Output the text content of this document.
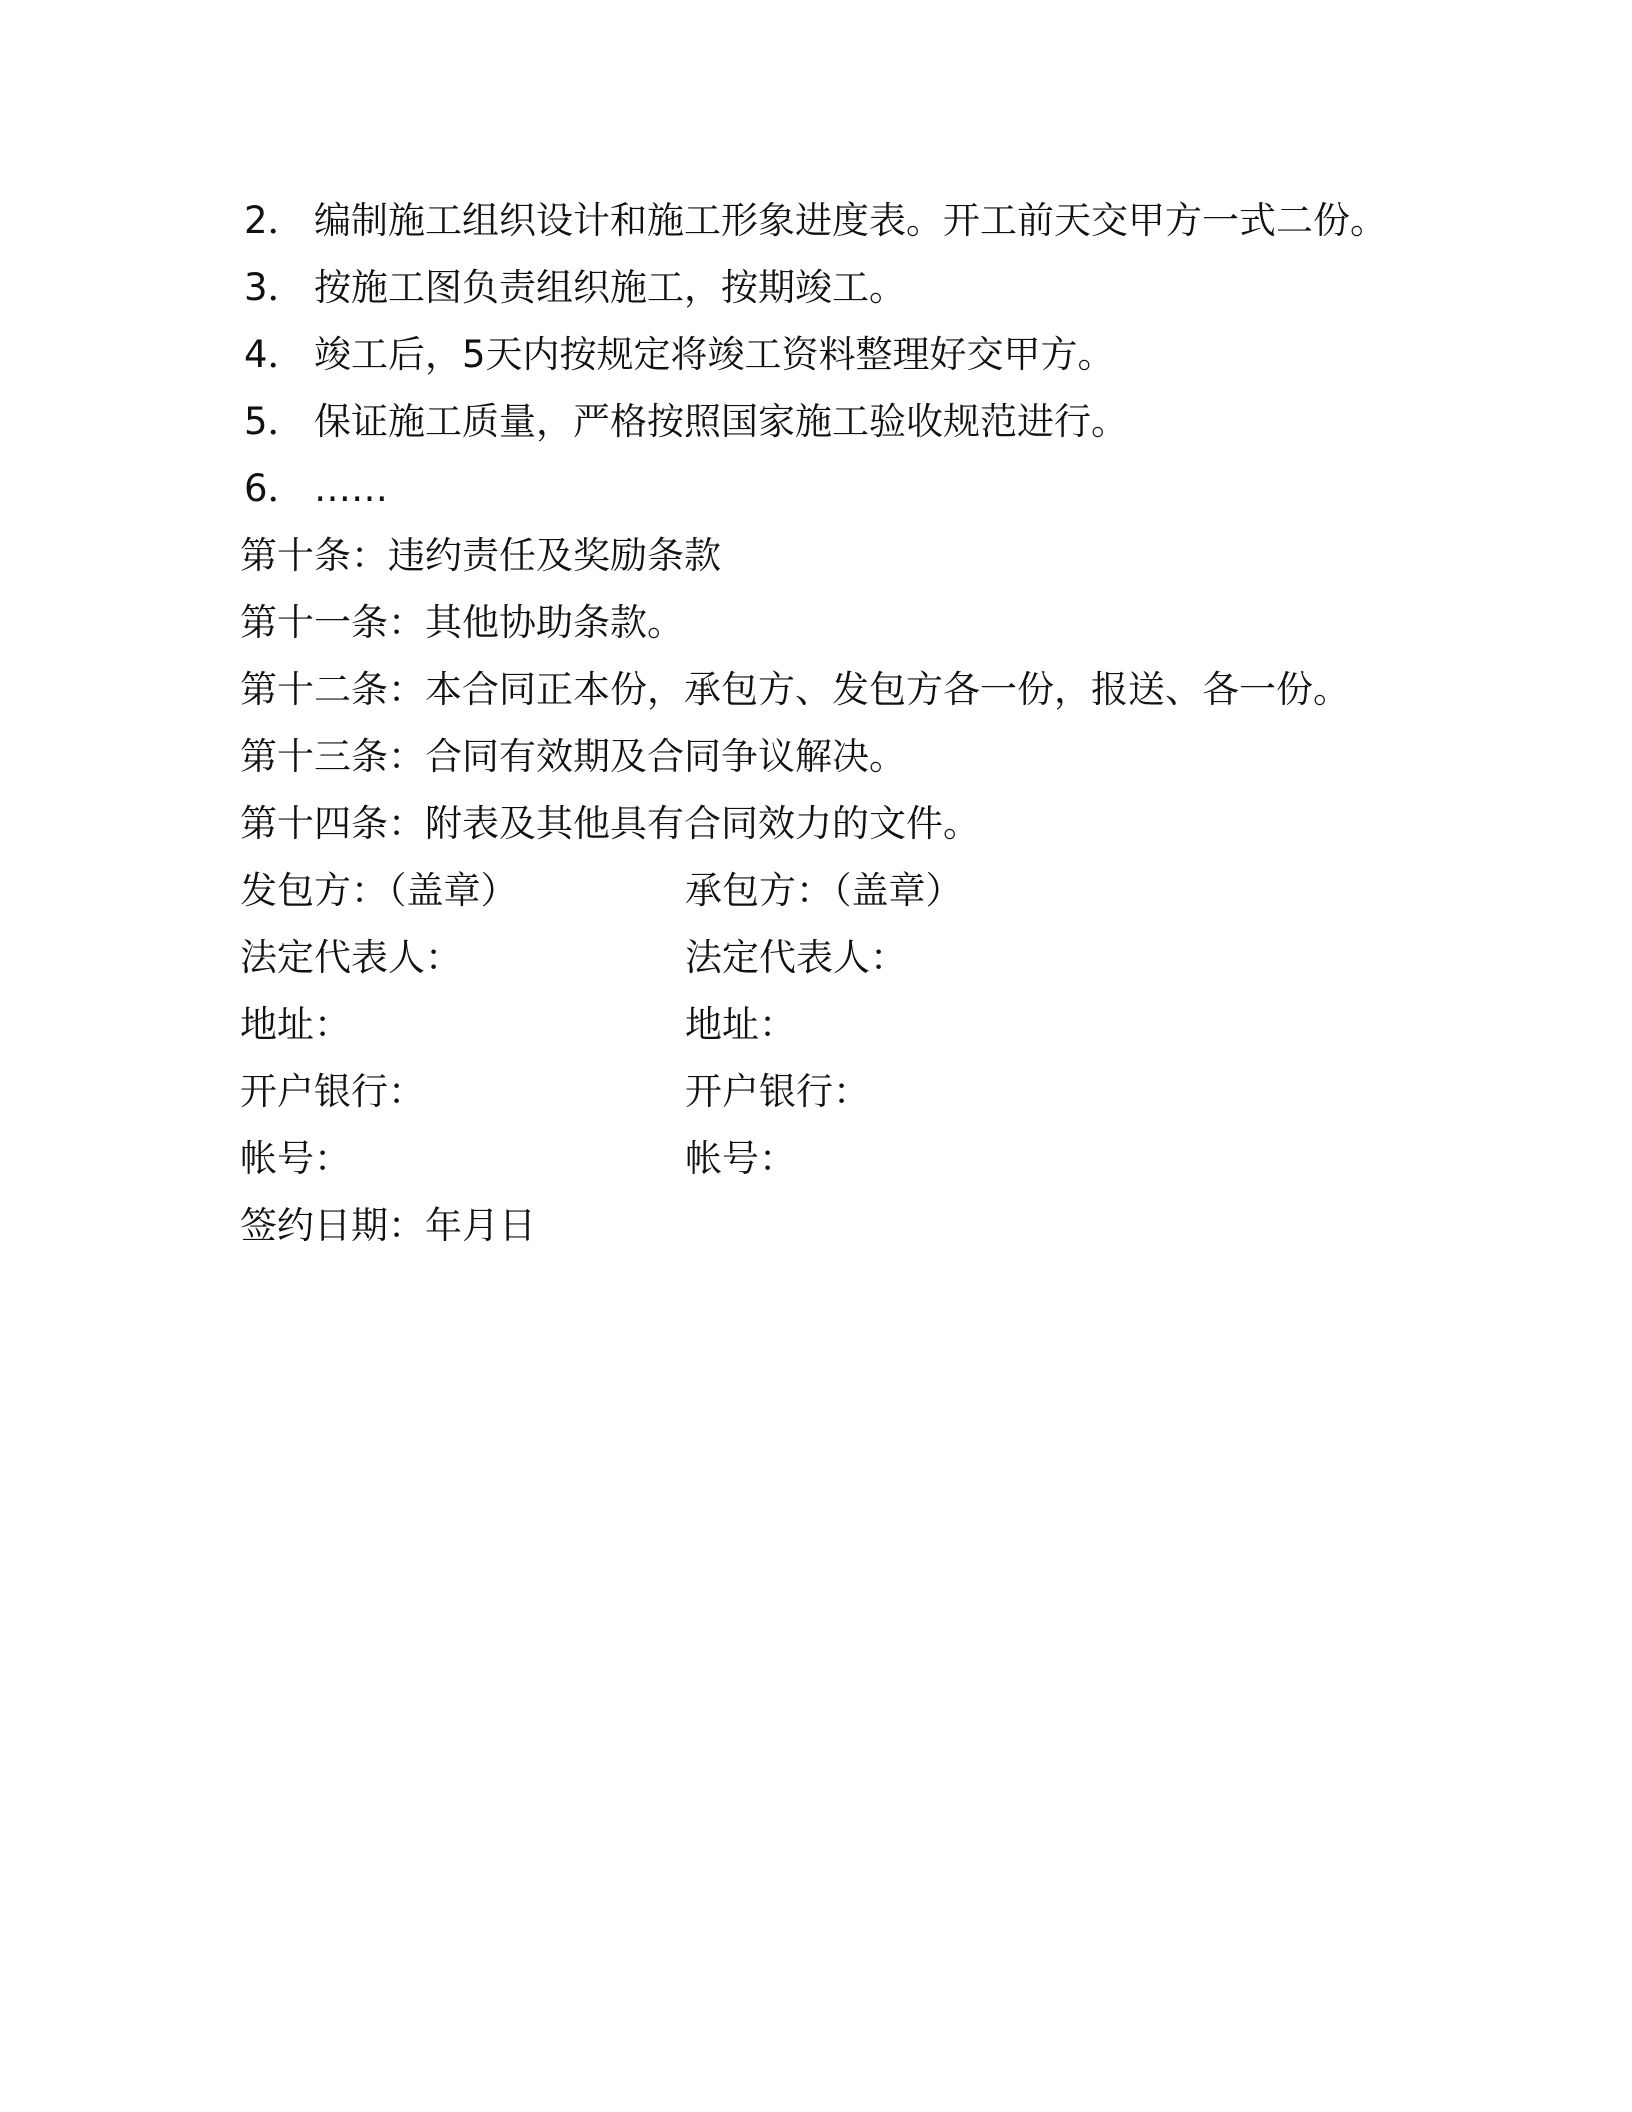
2． 编制施工组织设计和施工形象进度表。开工前天交甲方一式二份。
3． 按施工图负责组织施工，按期竣工。
4． 竣工后，5天内按规定将竣工资料整理好交甲方。
5． 保证施工质量，严格按照国家施工验收规范进行。
6． ……
第十条：违约责任及奖励条款
第十一条：其他协助条款。
第十二条：本合同正本份，承包方、发包方各一份，报送、各一份。
第十三条：合同有效期及合同争议解决。
第十四条：附表及其他具有合同效力的文件。
发包方：（盖章）	承包方：（盖章）
法定代表人：	法定代表人：
地址：	地址：
开户银行：	开户银行：
帐号：	帐号：
签约日期：年月日
